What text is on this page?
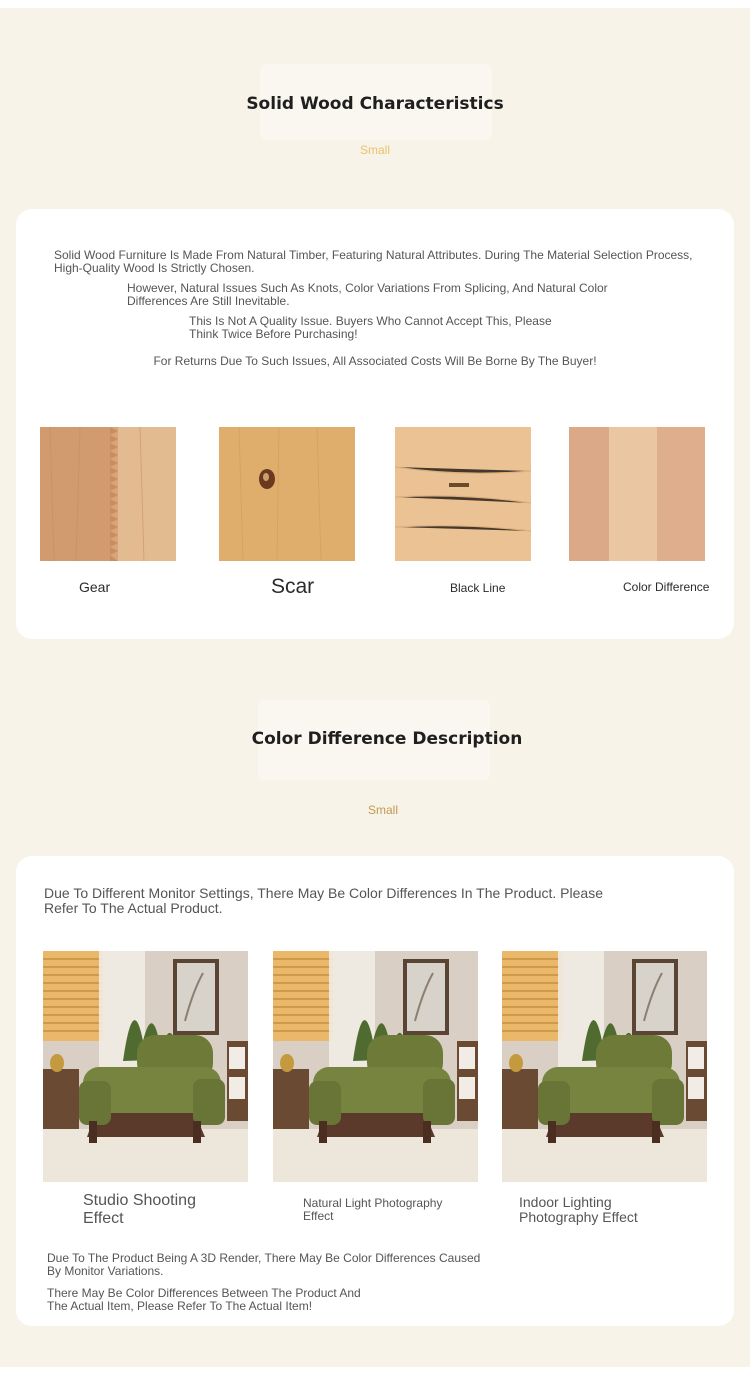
Solid Wood Characteristics
Small
Solid Wood Furniture Is Made From Natural Timber, Featuring Natural Attributes. During The Material Selection Process, High-Quality Wood Is Strictly Chosen.
However, Natural Issues Such As Knots, Color Variations From Splicing, And Natural Color Differences Are Still Inevitable.
This Is Not A Quality Issue. Buyers Who Cannot Accept This, Please Think Twice Before Purchasing!
For Returns Due To Such Issues, All Associated Costs Will Be Borne By The Buyer!
Gear	Scar	Black Line	Color Difference
Color Difference Description
Small
Due To Different Monitor Settings, There May Be Color Differences In The Product. Please Refer To The Actual Product.
Studio Shooting Effect
Natural Light Photography Effect
Indoor Lighting Photography Effect
Due To The Product Being A 3D Render, There May Be Color Differences Caused By Monitor Variations.
There May Be Color Differences Between The Product And The Actual Item, Please Refer To The Actual Item!
